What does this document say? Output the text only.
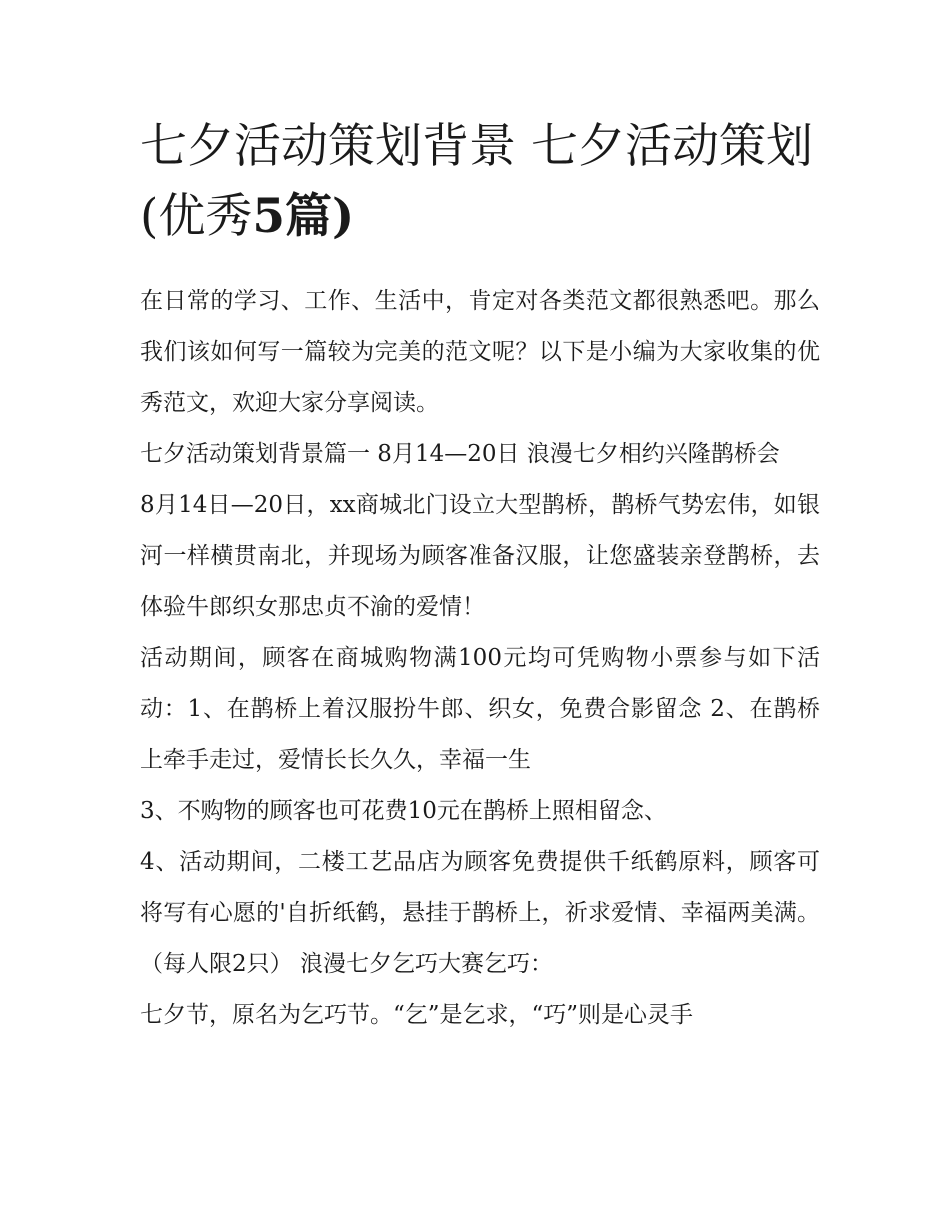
七夕活动策划背景 七夕活动策划(优秀5篇)

在日常的学习、工作、生活中，肯定对各类范文都很熟悉吧。那么我们该如何写一篇较为完美的范文呢？以下是小编为大家收集的优秀范文，欢迎大家分享阅读。

七夕活动策划背景篇一 8月14—20日 浪漫七夕相约兴隆鹊桥会

8月14日—20日，xx商城北门设立大型鹊桥，鹊桥气势宏伟，如银河一样横贯南北，并现场为顾客准备汉服，让您盛装亲登鹊桥，去体验牛郎织女那忠贞不渝的爱情！

活动期间，顾客在商城购物满100元均可凭购物小票参与如下活动：1、在鹊桥上着汉服扮牛郎、织女，免费合影留念 2、在鹊桥上牵手走过，爱情长长久久，幸福一生

3、不购物的顾客也可花费10元在鹊桥上照相留念、

4、活动期间，二楼工艺品店为顾客免费提供千纸鹤原料，顾客可将写有心愿的'自折纸鹤，悬挂于鹊桥上，祈求爱情、幸福两美满。（每人限2只） 浪漫七夕乞巧大赛乞巧：

七夕节，原名为乞巧节。“乞”是乞求，“巧”则是心灵手
